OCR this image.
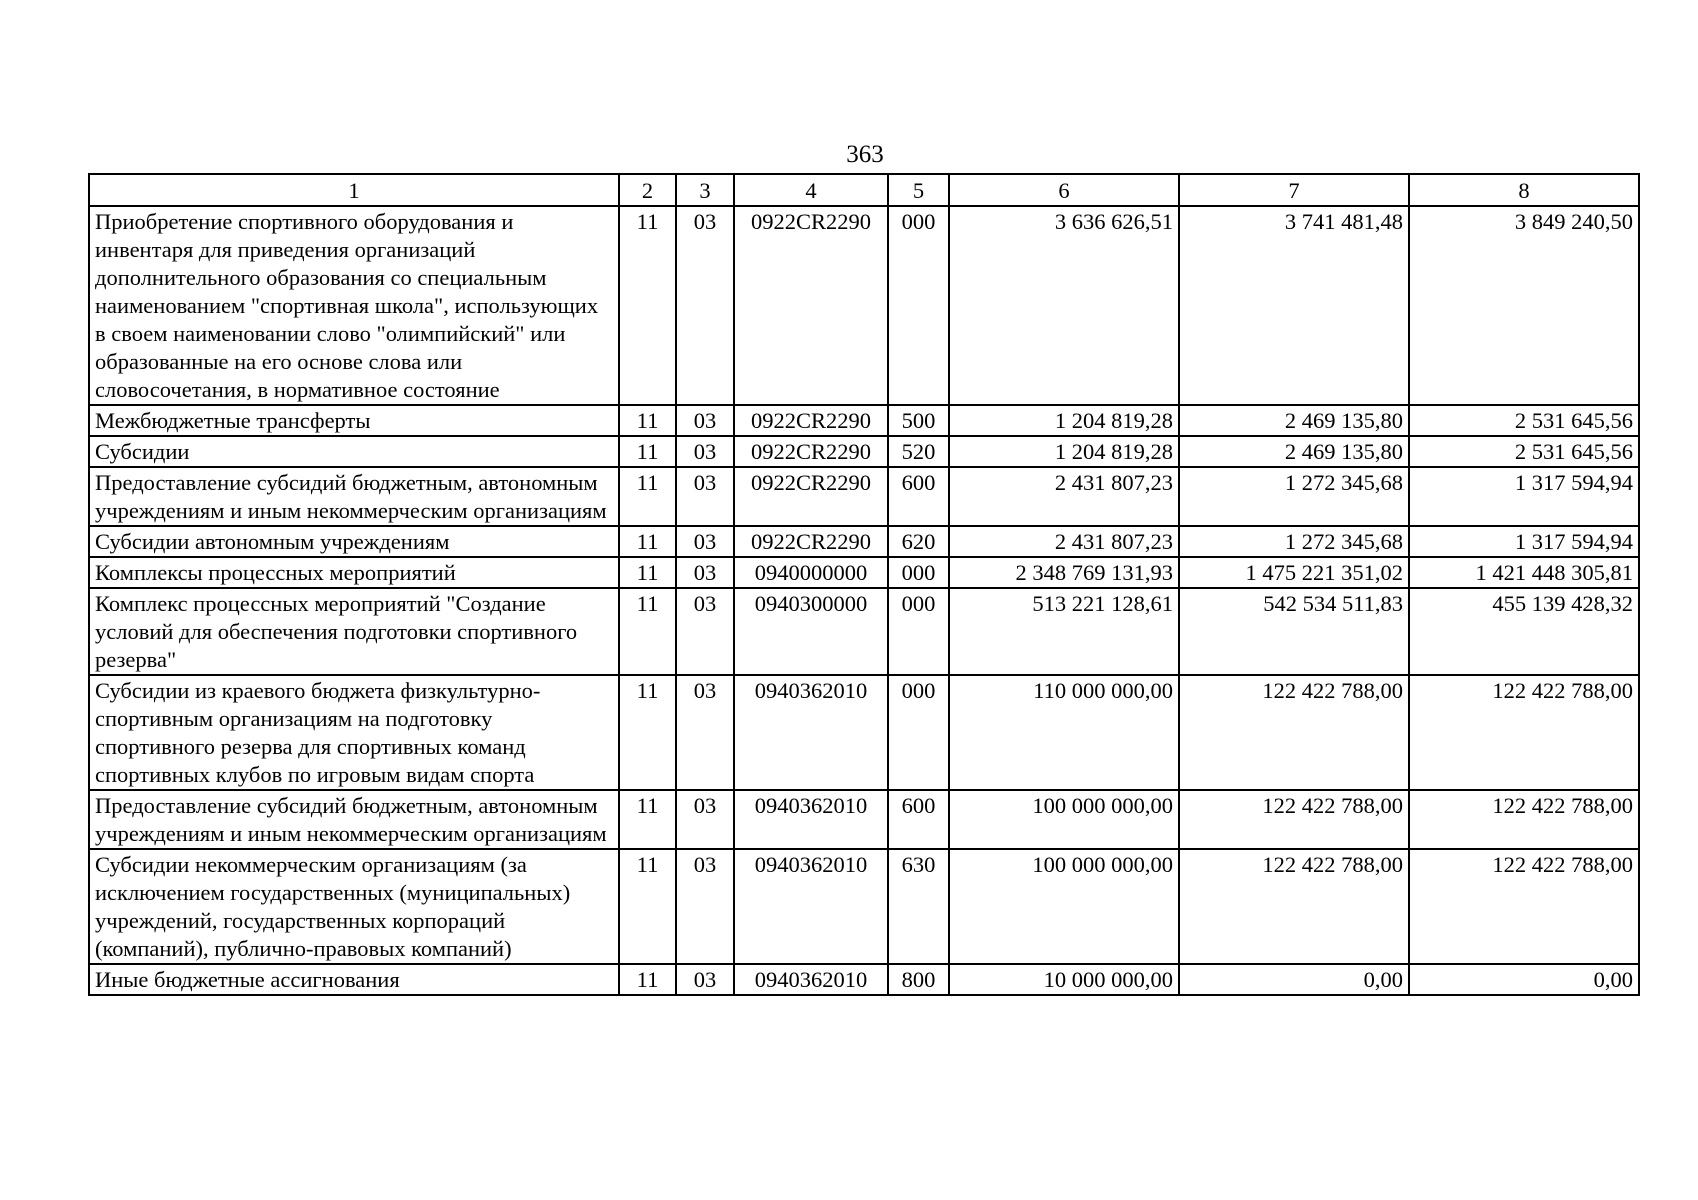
363
1	2	3	4	5	6	7	8
Приобретение спортивного оборудования и инвентаря для приведения организаций дополнительного образования со специальным наименованием "спортивная школа", использующих в своем наименовании слово "олимпийский" или образованные на его основе слова или словосочетания, в нормативное состояние	11	03	0922CR2290	000	3 636 626,51	3 741 481,48	3 849 240,50
Межбюджетные трансферты	11	03	0922CR2290	500	1 204 819,28	2 469 135,80	2 531 645,56
Субсидии	11	03	0922CR2290	520	1 204 819,28	2 469 135,80	2 531 645,56
Предоставление субсидий бюджетным, автономным учреждениям и иным некоммерческим организациям	11	03	0922CR2290	600	2 431 807,23	1 272 345,68	1 317 594,94
Субсидии автономным учреждениям	11	03	0922CR2290	620	2 431 807,23	1 272 345,68	1 317 594,94
Комплексы процессных мероприятий	11	03	0940000000	000	2 348 769 131,93	1 475 221 351,02	1 421 448 305,81
Комплекс процессных мероприятий "Создание условий для обеспечения подготовки спортивного резерва"	11	03	0940300000	000	513 221 128,61	542 534 511,83	455 139 428,32
Субсидии из краевого бюджета физкультурно-спортивным организациям на подготовку спортивного резерва для спортивных команд спортивных клубов по игровым видам спорта	11	03	0940362010	000	110 000 000,00	122 422 788,00	122 422 788,00
Предоставление субсидий бюджетным, автономным учреждениям и иным некоммерческим организациям	11	03	0940362010	600	100 000 000,00	122 422 788,00	122 422 788,00
Субсидии некоммерческим организациям (за исключением государственных (муниципальных) учреждений, государственных корпораций (компаний), публично-правовых компаний)	11	03	0940362010	630	100 000 000,00	122 422 788,00	122 422 788,00
Иные бюджетные ассигнования	11	03	0940362010	800	10 000 000,00	0,00	0,00
